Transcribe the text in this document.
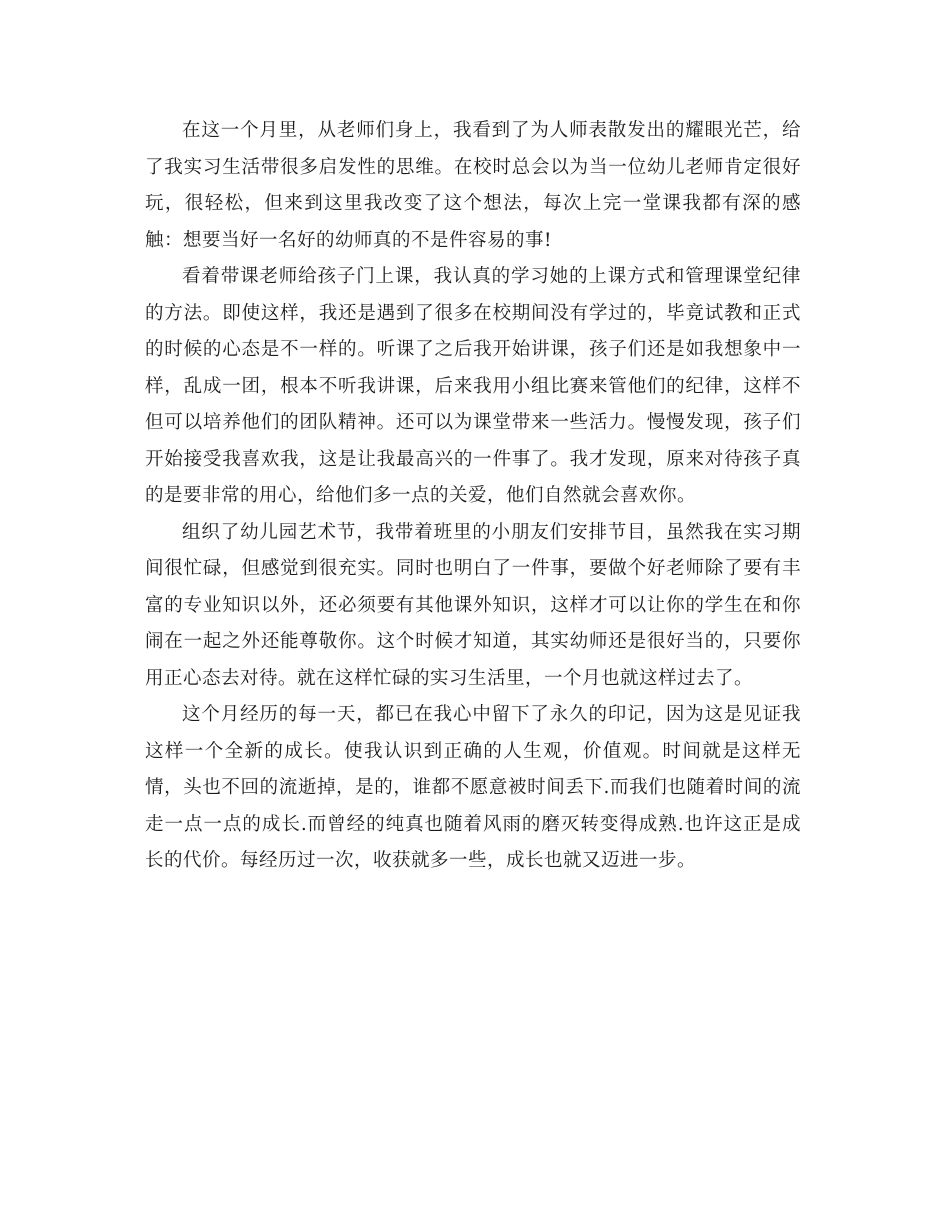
在这一个月里，从老师们身上，我看到了为人师表散发出的耀眼光芒，给了我实习生活带很多启发性的思维。在校时总会以为当一位幼儿老师肯定很好玩，很轻松，但来到这里我改变了这个想法，每次上完一堂课我都有深的感触：想要当好一名好的幼师真的不是件容易的事!

看着带课老师给孩子门上课，我认真的学习她的上课方式和管理课堂纪律的方法。即使这样，我还是遇到了很多在校期间没有学过的，毕竟试教和正式的时候的心态是不一样的。听课了之后我开始讲课，孩子们还是如我想象中一样，乱成一团，根本不听我讲课，后来我用小组比赛来管他们的纪律，这样不但可以培养他们的团队精神。还可以为课堂带来一些活力。慢慢发现，孩子们开始接受我喜欢我，这是让我最高兴的一件事了。我才发现，原来对待孩子真的是要非常的用心，给他们多一点的关爱，他们自然就会喜欢你。

组织了幼儿园艺术节，我带着班里的小朋友们安排节目，虽然我在实习期间很忙碌，但感觉到很充实。同时也明白了一件事，要做个好老师除了要有丰富的专业知识以外，还必须要有其他课外知识，这样才可以让你的学生在和你闹在一起之外还能尊敬你。这个时候才知道，其实幼师还是很好当的，只要你用正心态去对待。就在这样忙碌的实习生活里，一个月也就这样过去了。

这个月经历的每一天，都已在我心中留下了永久的印记，因为这是见证我这样一个全新的成长。使我认识到正确的人生观，价值观。时间就是这样无情，头也不回的流逝掉，是的，谁都不愿意被时间丢下.而我们也随着时间的流走一点一点的成长.而曾经的纯真也随着风雨的磨灭转变得成熟.也许这正是成长的代价。每经历过一次，收获就多一些，成长也就又迈进一步。
